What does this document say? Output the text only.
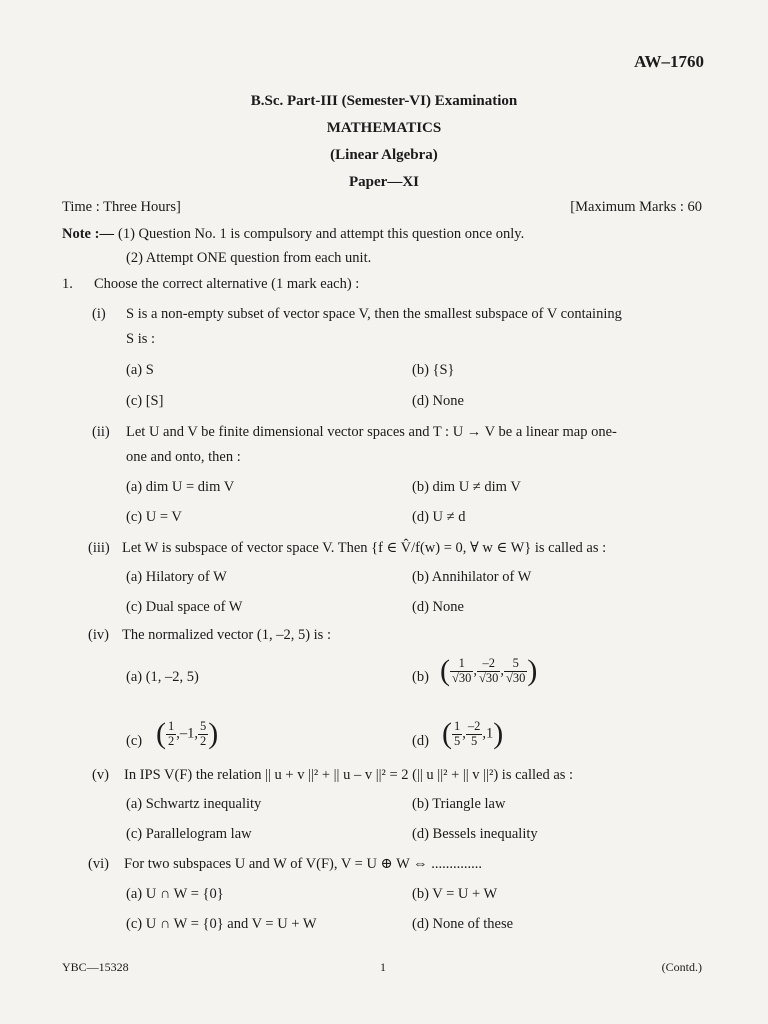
AW–1760
B.Sc. Part-III (Semester-VI) Examination
MATHEMATICS
(Linear Algebra)
Paper—XI
Time : Three Hours]	[Maximum Marks : 60
Note :— (1) Question No. 1 is compulsory and attempt this question once only.
(2) Attempt ONE question from each unit.
1. Choose the correct alternative (1 mark each) :
(i) S is a non-empty subset of vector space V, then the smallest subspace of V containing
S is :
(a) S	(b) {S}
(c) [S]	(d) None
(ii) Let U and V be finite dimensional vector spaces and T : U → V be a linear map one-
one and onto, then :
(a) dim U = dim V	(b) dim U ≠ dim V
(c) U = V	(d) U ≠ d
(iii) Let W is subspace of vector space V. Then {f ∈ V̂/f(w) = 0, ∀ w ∈ W} is called as :
(a) Hilatory of W	(b) Annihilator of W
(c) Dual space of W	(d) None
(iv) The normalized vector (1, –2, 5) is :
(a) (1, –2, 5)	(b) ( $\frac{1}{√30}$ , $\frac{-2}{√30}$ , $\frac{5}{√30}$ )
(c) ( $\frac{1}{2} ,-1$, $\frac{5}{2}$ )	(d) ( $\frac{1}{5}$ , $\frac{-2}{5} ,1$)
(v) In IPS V(F) the relation || u + v ||² + || u – v ||² = 2 (|| u ||² + || v ||²) is called as :
(a) Schwartz inequality	(b) Triangle law
(c) Parallelogram law	(d) Bessels inequality
(vi) For two subspaces U and W of V(F), V = U ⊕ W ⇔ ..............
(a) U ∩ W = {0}	(b) V = U + W
(c) U ∩ W = {0} and V = U + W	(d) None of these
YBC—15328	1	(Contd.)
